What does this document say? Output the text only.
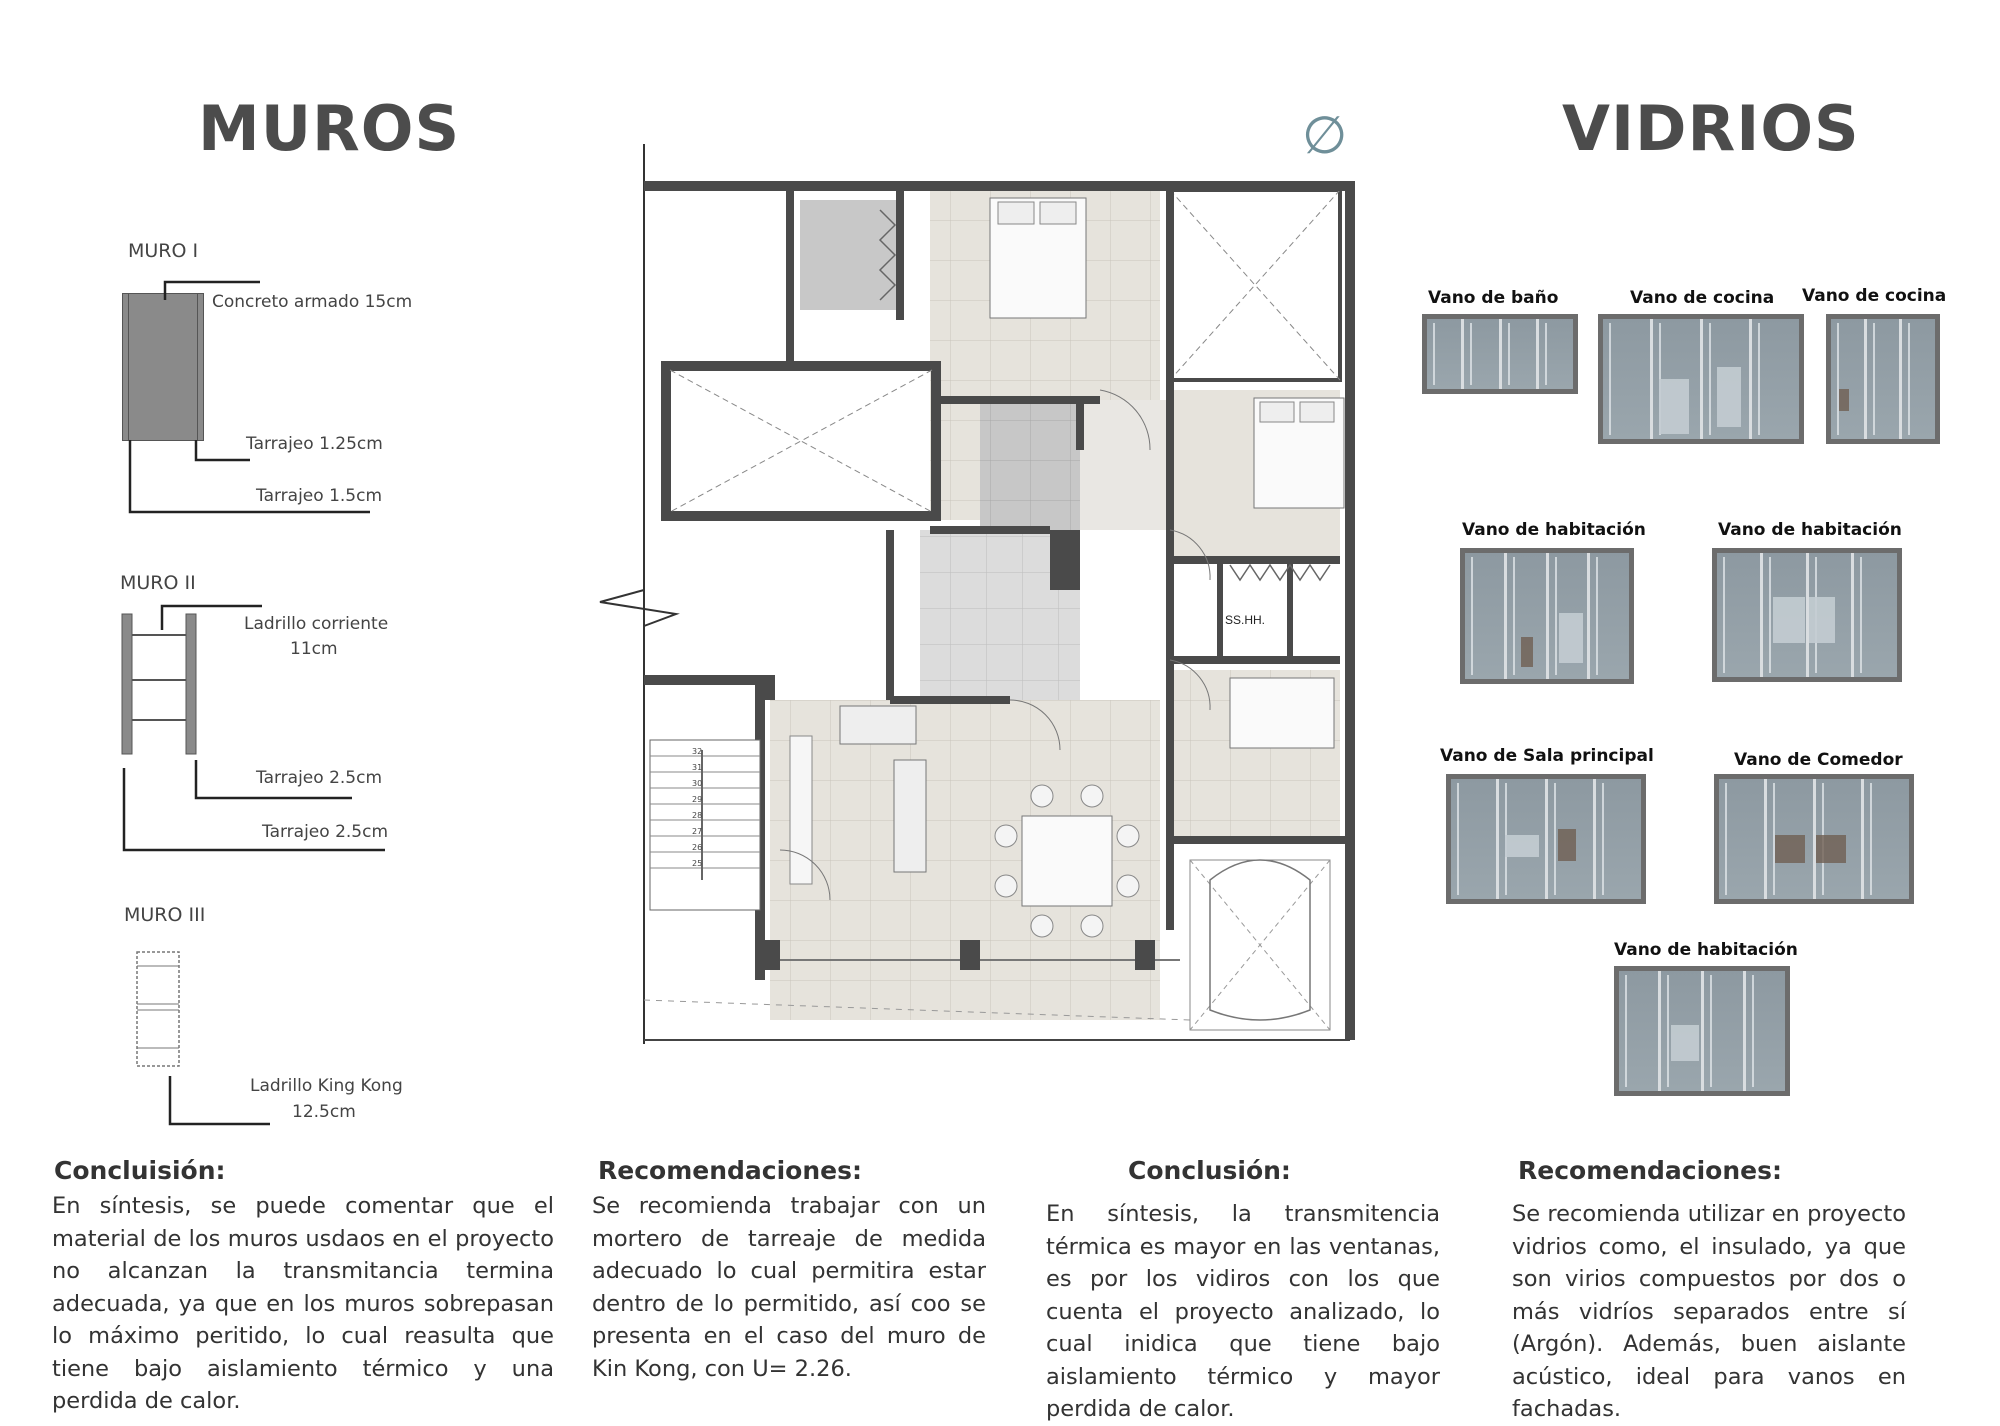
MUROS
MURO I
Concreto armado 15cm
Tarrajeo 1.25cm
Tarrajeo 1.5cm
MURO II
Ladrillo corriente
11cm
Tarrajeo 2.5cm
Tarrajeo 2.5cm
MURO III
Ladrillo King Kong
12.5cm
SS.HH.
32
31
30
29
28
27
26
25
∅	VIDRIOS
Vano de baño	Vano de cocina Vano de cocina
Vano de habitación	Vano de habitación
Vano de Sala principal	Vano de Comedor
Vano de habitación
Concluisión:
En síntesis, se puede comentar que el material de los muros usdaos en el proyecto no alcanzan la transmitancia termina adecuada, ya que en los muros sobrepasan lo máximo peritido, lo cual reasulta que tiene bajo aislamiento térmico y una perdida de calor.
Recomendaciones:
Se recomienda trabajar con un mortero de tarreaje de medida adecuado lo cual permitira estar dentro de lo permitido, así coo se presenta en el caso del muro de Kin Kong, con U= 2.26.
Conclusión:
En síntesis, la transmitencia térmica es mayor en las ventanas, es por los vidiros con los que cuenta el proyecto analizado, lo cual inidica que tiene bajo aislamiento térmico y mayor perdida de calor.
Recomendaciones:
Se recomienda utilizar en proyecto vidrios como, el insulado, ya que son virios compuestos por dos o más vidríos separados entre sí (Argón). Además, buen aislante acústico, ideal para vanos en fachadas.
